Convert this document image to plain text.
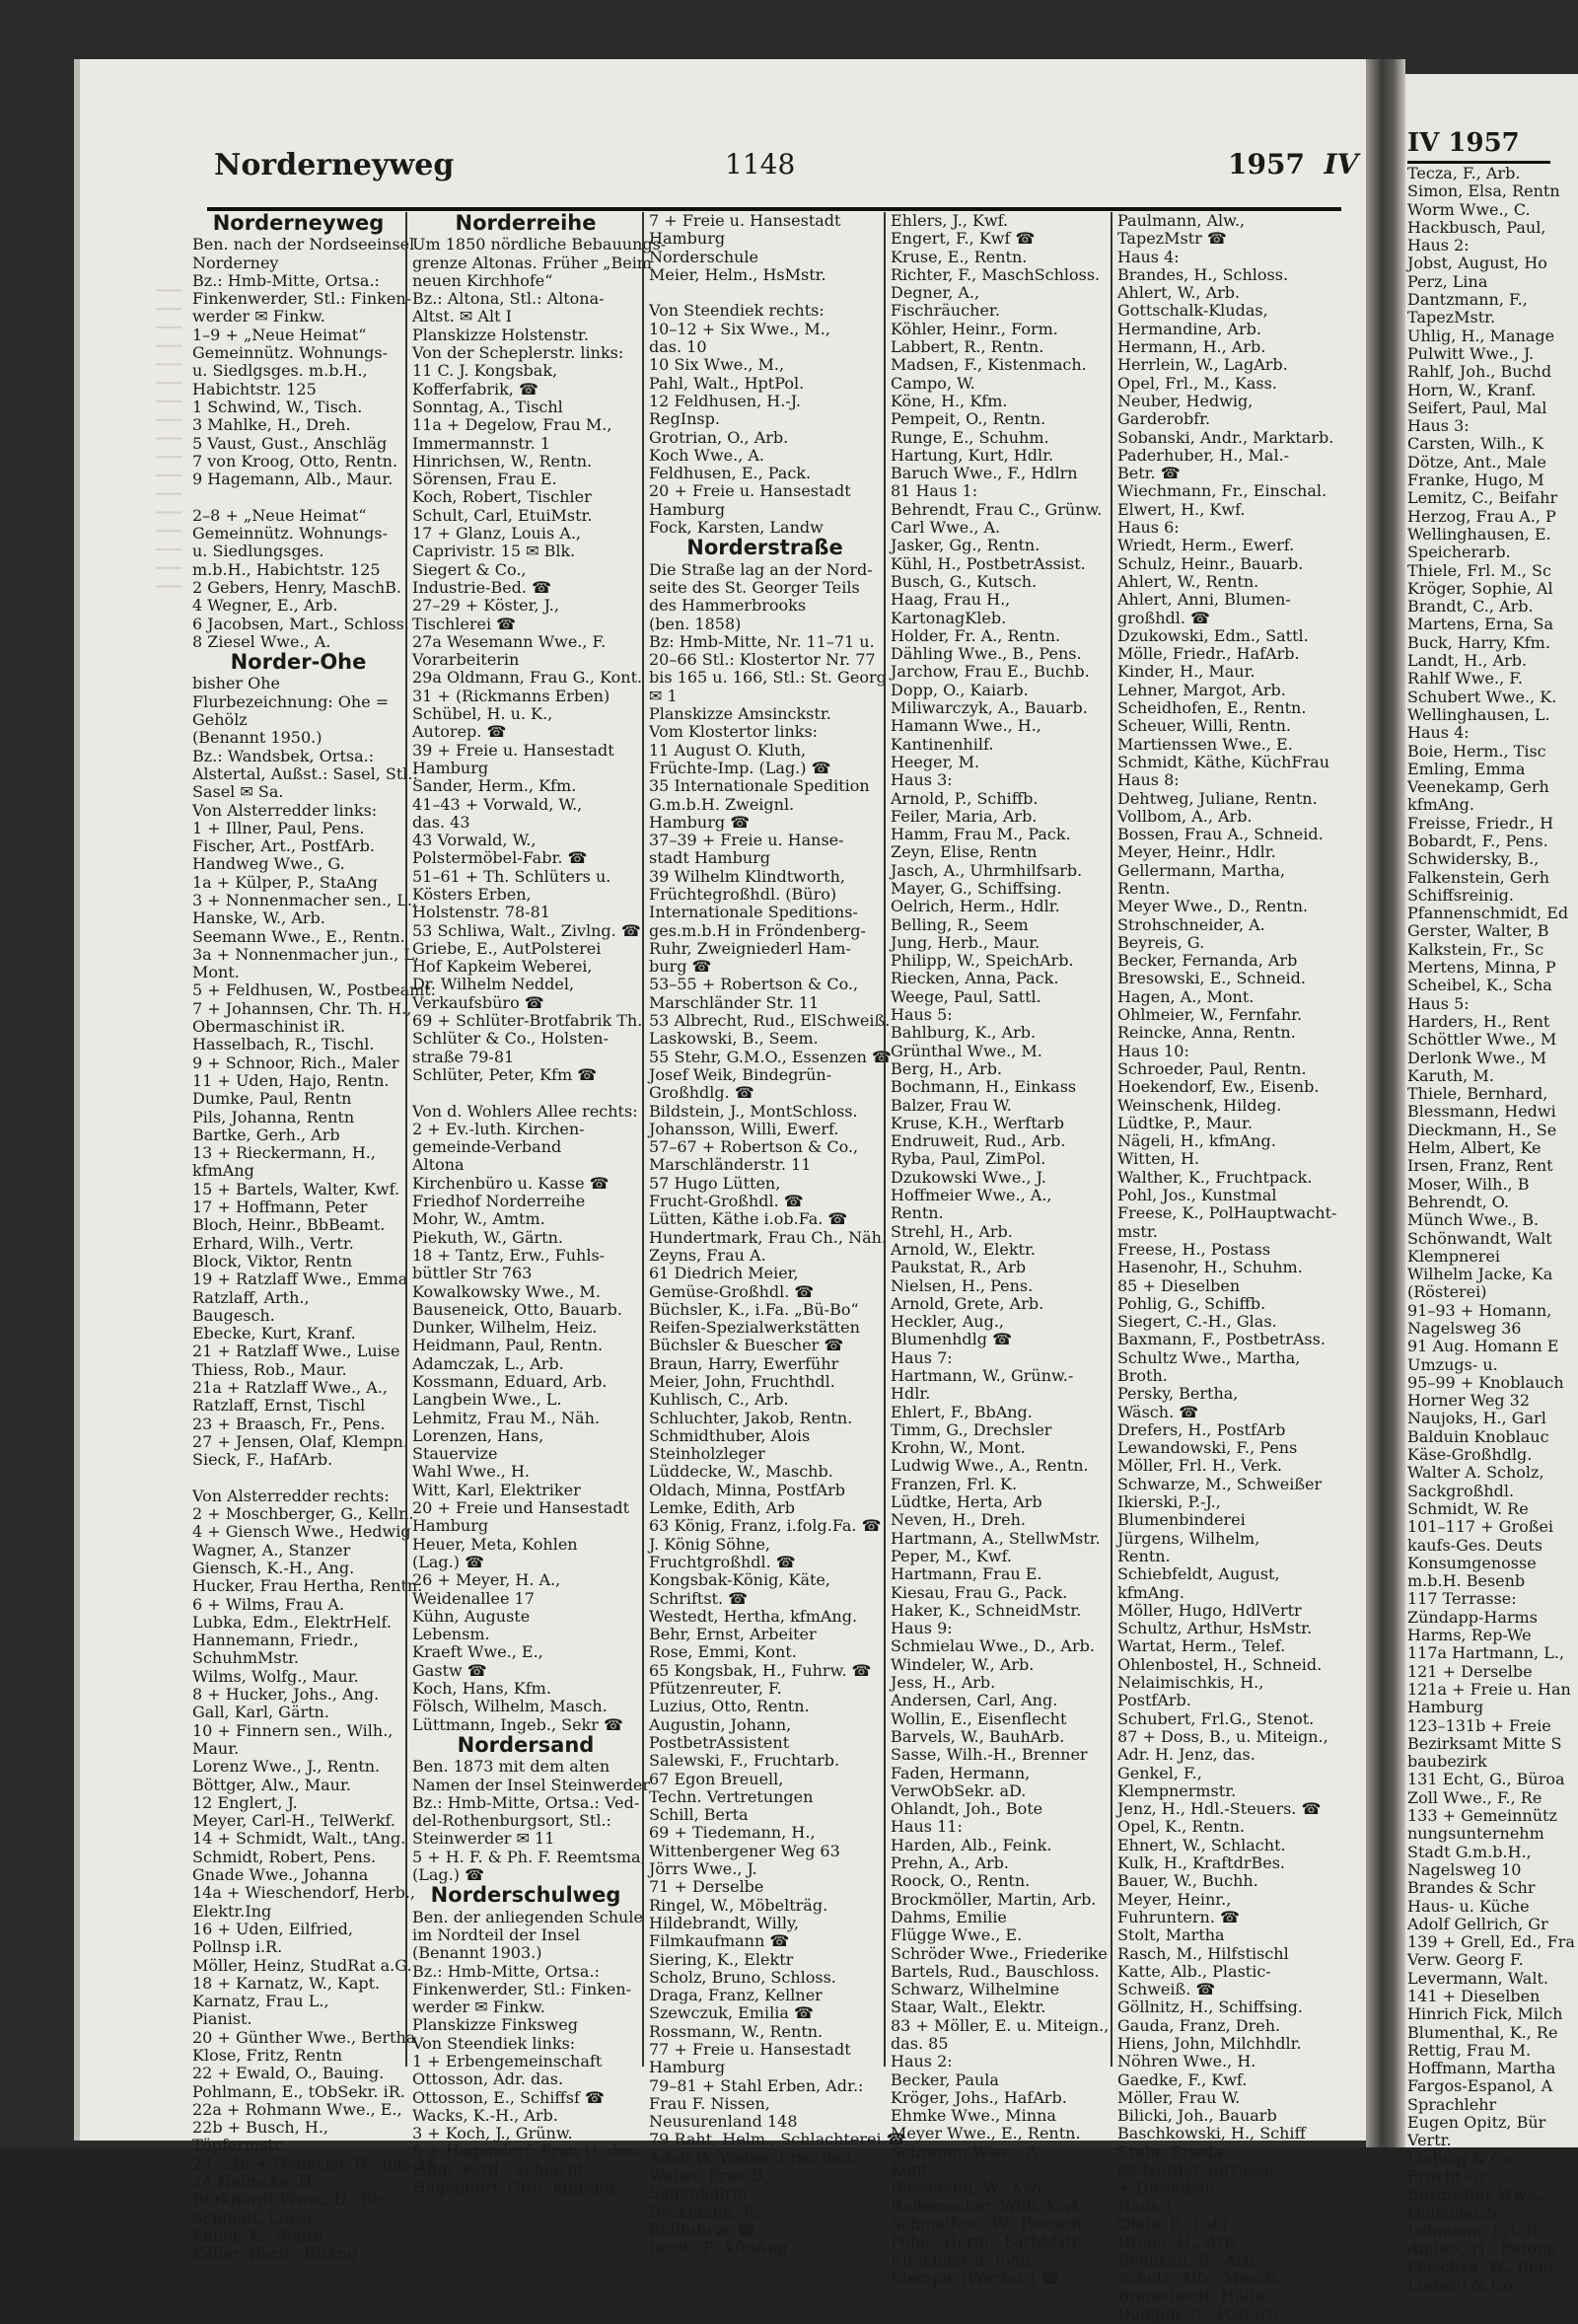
|||||||||||||||||
IV 1957
Tecza, F., Arb.
Simon, Elsa, Rentn
Worm Wwe., C.
Hackbusch, Paul,
Haus 2:
Jobst, August, Ho
Perz, Lina
Dantzmann, F.,
TapezMstr.
Uhlig, H., Manage
Pulwitt Wwe., J.
Rahlf, Joh., Buchd
Horn, W., Kranf.
Seifert, Paul, Mal
Haus 3:
Carsten, Wilh., K
Dötze, Ant., Male
Franke, Hugo, M
Lemitz, C., Beifahr
Herzog, Frau A., P
Wellinghausen, E.
Speicherarb.
Thiele, Frl. M., Sc
Kröger, Sophie, Al
Brandt, C., Arb.
Martens, Erna, Sa
Buck, Harry, Kfm.
Landt, H., Arb.
Rahlf Wwe., F.
Schubert Wwe., K.
Wellinghausen, L.
Haus 4:
Boie, Herm., Tisc
Emling, Emma
Veenekamp, Gerh
kfmAng.
Freisse, Friedr., H
Bobardt, F., Pens.
Schwidersky, B.,
Falkenstein, Gerh
Schiffsreinig.
Pfannenschmidt, Ed
Gerster, Walter, B
Kalkstein, Fr., Sc
Mertens, Minna, P
Scheibel, K., Scha
Haus 5:
Harders, H., Rent
Schöttler Wwe., M
Derlonk Wwe., M
Karuth, M.
Thiele, Bernhard,
Blessmann, Hedwi
Dieckmann, H., Se
Helm, Albert, Ke
Irsen, Franz, Rent
Moser, Wilh., B
Behrendt, O.
Münch Wwe., B.
Schönwandt, Walt
Klempnerei
Wilhelm Jacke, Ka
(Rösterei)
91–93 + Homann,
Nagelsweg 36
91 Aug. Homann E
Umzugs- u.
95–99 + Knoblauch
Horner Weg 32
Naujoks, H., Garl
Balduin Knoblauc
Käse-Großhdlg.
Walter A. Scholz,
Sackgroßhdl.
Schmidt, W. Re
101–117 + Großei
kaufs-Ges. Deuts
Konsumgenosse
m.b.H. Besenb
117 Terrasse:
Zündapp-Harms
Harms, Rep-We
117a Hartmann, L.,
121 + Derselbe
121a + Freie u. Han
Hamburg
123–131b + Freie
Bezirksamt Mitte S
baubezirk
131 Echt, G., Büroa
Zoll Wwe., F., Re
133 + Gemeinnütz
nungsunternehm
Stadt G.m.b.H.,
Nagelsweg 10
Brandes & Schr
Haus- u. Küche
Adolf Gellrich, Gr
139 + Grell, Ed., Fra
Verw. Georg F.
Levermann, Walt.
141 + Dieselben
Hinrich Fick, Milch
Blumenthal, K., Re
Rettig, Frau M.
Hoffmann, Martha
Fargos-Espanol, A
Sprachlehr
Eugen Opitz, Bür
Vertr.
Ludwig & Co.,
Frucht-Gr
Burmester Wwe.,
Hausmeiste
Lehmann, Frl. E.,
Ambos, H., Betona
Plaschke, W., Rent
Ludwig & Co.
Norderneyweg	1148	1957 IV
Norderneyweg
Ben. nach der Nordseeinsel
Norderney
Bz.: Hmb-Mitte, Ortsa.:
Finkenwerder, Stl.: Finken-
werder ✉ Finkw.
1–9 + „Neue Heimat“
Gemeinnütz. Wohnungs-
u. Siedlgsges. m.b.H.,
Habichtstr. 125
1 Schwind, W., Tisch.
3 Mahlke, H., Dreh.
5 Vaust, Gust., Anschläg
7 von Kroog, Otto, Rentn.
9 Hagemann, Alb., Maur.

2–8 + „Neue Heimat“
Gemeinnütz. Wohnungs-
u. Siedlungsges.
m.b.H., Habichtstr. 125
2 Gebers, Henry, MaschB.
4 Wegner, E., Arb.
6 Jacobsen, Mart., Schloss.
8 Ziesel Wwe., A.
Norder-Ohe
bisher Ohe
Flurbezeichnung: Ohe =
Gehölz
(Benannt 1950.)
Bz.: Wandsbek, Ortsa.:
Alstertal, Außst.: Sasel, Stl.:
Sasel ✉ Sa.
Von Alsterredder links:
1 + Illner, Paul, Pens.
Fischer, Art., PostfArb.
Handweg Wwe., G.
1a + Külper, P., StaAng
3 + Nonnenmacher sen., L.,
Hanske, W., Arb.
Seemann Wwe., E., Rentn.
3a + Nonnenmacher jun., L.
Mont.
5 + Feldhusen, W., Postbeamt.
7 + Johannsen, Chr. Th. H.,
Obermaschinist iR.
Hasselbach, R., Tischl.
9 + Schnoor, Rich., Maler
11 + Uden, Hajo, Rentn.
Dumke, Paul, Rentn
Pils, Johanna, Rentn
Bartke, Gerh., Arb
13 + Rieckermann, H.,
kfmAng
15 + Bartels, Walter, Kwf.
17 + Hoffmann, Peter
Bloch, Heinr., BbBeamt.
Erhard, Wilh., Vertr.
Block, Viktor, Rentn
19 + Ratzlaff Wwe., Emma
Ratzlaff, Arth.,
Baugesch.
Ebecke, Kurt, Kranf.
21 + Ratzlaff Wwe., Luise
Thiess, Rob., Maur.
21a + Ratzlaff Wwe., A.,
Ratzlaff, Ernst, Tischl
23 + Braasch, Fr., Pens.
27 + Jensen, Olaf, Klempn.
Sieck, F., HafArb.

Von Alsterredder rechts:
2 + Moschberger, G., Kelln.
4 + Giensch Wwe., Hedwig
Wagner, A., Stanzer
Giensch, K.-H., Ang.
Hucker, Frau Hertha, Rentn.
6 + Wilms, Frau A.
Lubka, Edm., ElektrHelf.
Hannemann, Friedr.,
SchuhmMstr.
Wilms, Wolfg., Maur.
8 + Hucker, Johs., Ang.
Gall, Karl, Gärtn.
10 + Finnern sen., Wilh.,
Maur.
Lorenz Wwe., J., Rentn.
Böttger, Alw., Maur.
12 Englert, J.
Meyer, Carl-H., TelWerkf.
14 + Schmidt, Walt., tAng.
Schmidt, Robert, Pens.
Gnade Wwe., Johanna
14a + Wieschendorf, Herb.,
Elektr.Ing
16 + Uden, Eilfried,
Pollnsp i.R.
Möller, Heinz, StudRat a.G.
18 + Karnatz, W., Kapt.
Karnatz, Frau L.,
Pianist.
20 + Günther Wwe., Bertha
Klose, Fritz, Rentn
22 + Ewald, O., Bauing.
Pohlmann, E., tObSekr. iR.
22a + Rohmann Wwe., E.,
22b + Busch, H.,
Töpfermstr.
24–24a + Helmcke, H., das.24
24 Helmcke, H.
Burkhardt Wwe., D., Rtn.
Schmidt, Luise
Keller, K., Rentn
Keller, Herb., BbAng
Norderreihe
Um 1850 nördliche Bebauungs-
grenze Altonas. Früher „Beim
neuen Kirchhofe“
Bz.: Altona, Stl.: Altona-
Altst. ✉ Alt I
Planskizze Holstenstr.
Von der Scheplerstr. links:
11 C. J. Kongsbak,
Kofferfabrik, ☎
Sonntag, A., Tischl
11a + Degelow, Frau M.,
Immermannstr. 1
Hinrichsen, W., Rentn.
Sörensen, Frau E.
Koch, Robert, Tischler
Schult, Carl, EtuiMstr.
17 + Glanz, Louis A.,
Caprivistr. 15 ✉ Blk.
Siegert & Co.,
Industrie-Bed. ☎
27–29 + Köster, J.,
Tischlerei ☎
27a Wesemann Wwe., F.
Vorarbeiterin
29a Oldmann, Frau G., Kont.
31 + (Rickmanns Erben)
Schübel, H. u. K.,
Autorep. ☎
39 + Freie u. Hansestadt
Hamburg
Sander, Herm., Kfm.
41–43 + Vorwald, W.,
das. 43
43 Vorwald, W.,
Polstermöbel-Fabr. ☎
51–61 + Th. Schlüters u.
Kösters Erben,
Holstenstr. 78-81
53 Schliwa, Walt., Zivlng. ☎
Griebe, E., AutPolsterei
Hof Kapkeim Weberei,
Dr. Wilhelm Neddel,
Verkaufsbüro ☎
69 + Schlüter-Brotfabrik Th.
Schlüter & Co., Holsten-
straße 79-81
Schlüter, Peter, Kfm ☎

Von d. Wohlers Allee rechts:
2 + Ev.-luth. Kirchen-
gemeinde-Verband
Altona
Kirchenbüro u. Kasse ☎
Friedhof Norderreihe
Mohr, W., Amtm.
Piekuth, W., Gärtn.
18 + Tantz, Erw., Fuhls-
büttler Str 763
Kowalkowsky Wwe., M.
Bauseneick, Otto, Bauarb.
Dunker, Wilhelm, Heiz.
Heidmann, Paul, Rentn.
Adamczak, L., Arb.
Kossmann, Eduard, Arb.
Langbein Wwe., L.
Lehmitz, Frau M., Näh.
Lorenzen, Hans,
Stauervize
Wahl Wwe., H.
Witt, Karl, Elektriker
20 + Freie und Hansestadt
Hamburg
Heuer, Meta, Kohlen
(Lag.) ☎
26 + Meyer, H. A.,
Weidenallee 17
Kühn, Auguste
Lebensm.
Kraeft Wwe., E.,
Gastw ☎
Koch, Hans, Kfm.
Fölsch, Wilhelm, Masch.
Lüttmann, Ingeb., Sekr ☎
Nordersand
Ben. 1873 mit dem alten
Namen der Insel Steinwerder
Bz.: Hmb-Mitte, Ortsa.: Ved-
del-Rothenburgsort, Stl.:
Steinwerder ✉ 11
5 + H. F. & Ph. F. Reemtsma,
(Lag.) ☎
Norderschulweg
Ben. der anliegenden Schule
im Nordteil der Insel
(Benannt 1903.)
Bz.: Hmb-Mitte, Ortsa.:
Finkenwerder, Stl.: Finken-
werder ✉ Finkw.
Planskizze Finksweg
Von Steendiek links:
1 + Erbengemeinschaft
Ottosson, Adr. das.
Ottosson, E., Schiffsf ☎
Wacks, K.-H., Arb.
3 + Koch, J., Grünw.
5 + Hagendorf, Frau H. das.
Popp, Ferd., Schlacht.
Hagendorf, Otto, kfmAng.
7 + Freie u. Hansestadt
Hamburg
Norderschule
Meier, Helm., HsMstr.

Von Steendiek rechts:
10–12 + Six Wwe., M.,
das. 10
10 Six Wwe., M.,
Pahl, Walt., HptPol.
12 Feldhusen, H.-J.
RegInsp.
Grotrian, O., Arb.
Koch Wwe., A.
Feldhusen, E., Pack.
20 + Freie u. Hansestadt
Hamburg
Fock, Karsten, Landw
Norderstraße
Die Straße lag an der Nord-
seite des St. Georger Teils
des Hammerbrooks
(ben. 1858)
Bz: Hmb-Mitte, Nr. 11–71 u.
20–66 Stl.: Klostertor Nr. 77
bis 165 u. 166, Stl.: St. Georg
✉ 1
Planskizze Amsinckstr.
Vom Klostertor links:
11 August O. Kluth,
Früchte-Imp. (Lag.) ☎
35 Internationale Spedition
G.m.b.H. Zweignl.
Hamburg ☎
37–39 + Freie u. Hanse-
stadt Hamburg
39 Wilhelm Klindtworth,
Früchtegroßhdl. (Büro)
Internationale Speditions-
ges.m.b.H in Fröndenberg-
Ruhr, Zweigniederl Ham-
burg ☎
53–55 + Robertson & Co.,
Marschländer Str. 11
53 Albrecht, Rud., ElSchweiß.
Laskowski, B., Seem.
55 Stehr, G.M.O., Essenzen ☎
Josef Weik, Bindegrün-
Großhdlg. ☎
Bildstein, J., MontSchloss.
Johansson, Willi, Ewerf.
57–67 + Robertson & Co.,
Marschländerstr. 11
57 Hugo Lütten,
Frucht-Großhdl. ☎
Lütten, Käthe i.ob.Fa. ☎
Hundertmark, Frau Ch., Näh.
Zeyns, Frau A.
61 Diedrich Meier,
Gemüse-Großhdl. ☎
Büchsler, K., i.Fa. „Bü-Bo“
Reifen-Spezialwerkstätten
Büchsler & Buescher ☎
Braun, Harry, Ewerführ
Meier, John, Fruchthdl.
Kuhlisch, C., Arb.
Schluchter, Jakob, Rentn.
Schmidthuber, Alois
Steinholzleger
Lüddecke, W., Maschb.
Oldach, Minna, PostfArb
Lemke, Edith, Arb
63 König, Franz, i.folg.Fa. ☎
J. König Söhne,
Fruchtgroßhdl. ☎
Kongsbak-König, Käte,
Schriftst. ☎
Westedt, Hertha, kfmAng.
Behr, Ernst, Arbeiter
Rose, Emmi, Kont.
65 Kongsbak, H., Fuhrw. ☎
Pfützenreuter, F.
Luzius, Otto, Rentn.
Augustin, Johann,
PostbetrAssistent
Salewski, F., Fruchtarb.
67 Egon Breuell,
Techn. Vertretungen
Schill, Berta
69 + Tiedemann, H.,
Wittenbergener Weg 63
Jörrs Wwe., J.
71 + Derselbe
Ringel, W., Möbelträg.
Hildebrandt, Willy,
Filmkaufmann ☎
Siering, K., Elektr
Scholz, Bruno, Schloss.
Draga, Franz, Kellner
Szewczuk, Emilia ☎
Rossmann, W., Rentn.
77 + Freie u. Hansestadt
Hamburg
79–81 + Stahl Erben, Adr.:
Frau F. Nissen,
Neusurenland 148
79 Raht, Helm., Schlachterei ☎
Adolf W. Weber, Fris.-Bed.
Weber, Frau B.,
Seifenhdlrin
Beckmann, F.,
Rollfuhrw. ☎
Jacob, P., kfmAng.
Ehlers, J., Kwf.
Engert, F., Kwf ☎
Kruse, E., Rentn.
Richter, F., MaschSchloss.
Degner, A.,
Fischräucher.
Köhler, Heinr., Form.
Labbert, R., Rentn.
Madsen, F., Kistenmach.
Campo, W.
Köne, H., Kfm.
Pempeit, O., Rentn.
Runge, E., Schuhm.
Hartung, Kurt, Hdlr.
Baruch Wwe., F., Hdlrn
81 Haus 1:
Behrendt, Frau C., Grünw.
Carl Wwe., A.
Jasker, Gg., Rentn.
Kühl, H., PostbetrAssist.
Busch, G., Kutsch.
Haag, Frau H.,
KartonagKleb.
Holder, Fr. A., Rentn.
Dähling Wwe., B., Pens.
Jarchow, Frau E., Buchb.
Dopp, O., Kaiarb.
Miliwarczyk, A., Bauarb.
Hamann Wwe., H.,
Kantinenhilf.
Heeger, M.
Haus 3:
Arnold, P., Schiffb.
Feiler, Maria, Arb.
Hamm, Frau M., Pack.
Zeyn, Elise, Rentn
Jasch, A., Uhrmhilfsarb.
Mayer, G., Schiffsing.
Oelrich, Herm., Hdlr.
Belling, R., Seem
Jung, Herb., Maur.
Philipp, W., SpeichArb.
Riecken, Anna, Pack.
Weege, Paul, Sattl.
Haus 5:
Bahlburg, K., Arb.
Grünthal Wwe., M.
Berg, H., Arb.
Bochmann, H., Einkass
Balzer, Frau W.
Kruse, K.H., Werftarb
Endruweit, Rud., Arb.
Ryba, Paul, ZimPol.
Dzukowski Wwe., J.
Hoffmeier Wwe., A.,
Rentn.
Strehl, H., Arb.
Arnold, W., Elektr.
Paukstat, R., Arb
Nielsen, H., Pens.
Arnold, Grete, Arb.
Heckler, Aug.,
Blumenhdlg ☎
Haus 7:
Hartmann, W., Grünw.-
Hdlr.
Ehlert, F., BbAng.
Timm, G., Drechsler
Krohn, W., Mont.
Ludwig Wwe., A., Rentn.
Franzen, Frl. K.
Lüdtke, Herta, Arb
Neven, H., Dreh.
Hartmann, A., StellwMstr.
Peper, M., Kwf.
Hartmann, Frau E.
Kiesau, Frau G., Pack.
Haker, K., SchneidMstr.
Haus 9:
Schmielau Wwe., D., Arb.
Windeler, W., Arb.
Jess, H., Arb.
Andersen, Carl, Ang.
Wollin, E., Eisenflecht
Barvels, W., BauhArb.
Sasse, Wilh.-H., Brenner
Faden, Hermann,
VerwObSekr. aD.
Ohlandt, Joh., Bote
Haus 11:
Harden, Alb., Feink.
Prehn, A., Arb.
Roock, O., Rentn.
Brockmöller, Martin, Arb.
Dahms, Emilie
Flügge Wwe., E.
Schröder Wwe., Friederike
Bartels, Rud., Bauschloss.
Schwarz, Wilhelmine
Staar, Walt., Elektr.
83 + Möller, E. u. Miteign.,
das. 85
Haus 2:
Becker, Paula
Kröger, Johs., HafArb.
Ehmke Wwe., Minna
Meyer Wwe., E., Rentn.
Schramm Wwe., A.,
Kont.
Rossmann, W., Kwf.
Rademacher, Willi, Kwf.
Schmalfuss, W., Postsch.
Pöhls, Herm., FarbMstr.
Kirschner u. John,
Klempn. (Werkst.) ☎
Paulmann, Alw.,
TapezMstr ☎
Haus 4:
Brandes, H., Schloss.
Ahlert, W., Arb.
Gottschalk-Kludas,
Hermandine, Arb.
Hermann, H., Arb.
Herrlein, W., LagArb.
Opel, Frl., M., Kass.
Neuber, Hedwig,
Garderobfr.
Sobanski, Andr., Marktarb.
Paderhuber, H., Mal.-
Betr. ☎
Wiechmann, Fr., Einschal.
Elwert, H., Kwf.
Haus 6:
Wriedt, Herm., Ewerf.
Schulz, Heinr., Bauarb.
Ahlert, W., Rentn.
Ahlert, Anni, Blumen-
großhdl. ☎
Dzukowski, Edm., Sattl.
Mölle, Friedr., HafArb.
Kinder, H., Maur.
Lehner, Margot, Arb.
Scheidhofen, E., Rentn.
Scheuer, Willi, Rentn.
Martienssen Wwe., E.
Schmidt, Käthe, KüchFrau
Haus 8:
Dehtweg, Juliane, Rentn.
Vollbom, A., Arb.
Bossen, Frau A., Schneid.
Meyer, Heinr., Hdlr.
Gellermann, Martha,
Rentn.
Meyer Wwe., D., Rentn.
Strohschneider, A.
Beyreis, G.
Becker, Fernanda, Arb
Bresowski, E., Schneid.
Hagen, A., Mont.
Ohlmeier, W., Fernfahr.
Reincke, Anna, Rentn.
Haus 10:
Schroeder, Paul, Rentn.
Hoekendorf, Ew., Eisenb.
Weinschenk, Hildeg.
Lüdtke, P., Maur.
Nägeli, H., kfmAng.
Witten, H.
Walther, K., Fruchtpack.
Pohl, Jos., Kunstmal
Freese, K., PolHauptwacht-
mstr.
Freese, H., Postass
Hasenohr, H., Schuhm.
85 + Dieselben
Pohlig, G., Schiffb.
Siegert, C.-H., Glas.
Baxmann, F., PostbetrAss.
Schultz Wwe., Martha,
Broth.
Persky, Bertha,
Wäsch. ☎
Drefers, H., PostfArb
Lewandowski, F., Pens
Möller, Frl. H., Verk.
Schwarze, M., Schweißer
Ikierski, P.-J.,
Blumenbinderei
Jürgens, Wilhelm,
Rentn.
Schiebfeldt, August,
kfmAng.
Möller, Hugo, HdlVertr
Schultz, Arthur, HsMstr.
Wartat, Herm., Telef.
Ohlenbostel, H., Schneid.
Nelaimischkis, H.,
PostfArb.
Schubert, Frl.G., Stenot.
87 + Doss, B., u. Miteign.,
Adr. H. Jenz, das.
Genkel, F.,
Klempnermstr.
Jenz, H., Hdl.-Steuers. ☎
Opel, K., Rentn.
Ehnert, W., Schlacht.
Kulk, H., KraftdrBes.
Bauer, W., Buchh.
Meyer, Heinr.,
Fuhruntern. ☎
Stolt, Martha
Rasch, M., Hilfstischl
Katte, Alb., Plastic-
Schweiß. ☎
Göllnitz, H., Schiffsing.
Gauda, Franz, Dreh.
Hiens, John, Milchhdlr.
Nöhren Wwe., H.
Gaedke, F., Kwf.
Möller, Frau W.
Bilicki, Joh., Bauarb
Baschkowski, H., Schiff
Stuhr, Frieda
89 Norder-Terrasse:
+ Dieselben
Haus 1:
Ohde, P., Lokf.
Dröge, H., Arb.
Behnken, R., Arb.
Scholz, Alfr., Masch.
Bramstaedt, Hilde
Duggen, C., Postarb.
